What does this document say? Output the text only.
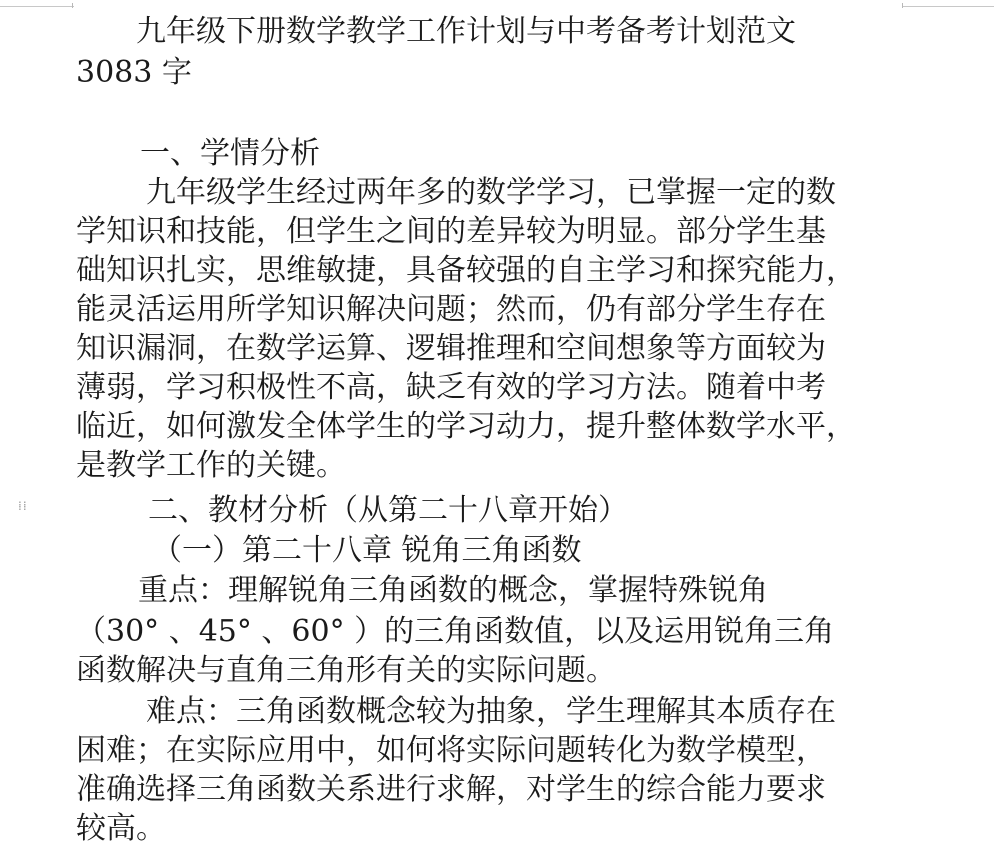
⁞⁞
九年级下册数学教学工作计划与中考备考计划范文
3083 字
一、学情分析
九年级学生经过两年多的数学学习，已掌握一定的数
学知识和技能，但学生之间的差异较为明显。部分学生基
础知识扎实，思维敏捷，具备较强的自主学习和探究能力，
能灵活运用所学知识解决问题；然而，仍有部分学生存在
知识漏洞，在数学运算、逻辑推理和空间想象等方面较为
薄弱，学习积极性不高，缺乏有效的学习方法。随着中考
临近，如何激发全体学生的学习动力，提升整体数学水平，
是教学工作的关键。
二、教材分析（从第二十八章开始）
（一）第二十八章 锐角三角函数
重点：理解锐角三角函数的概念，掌握特殊锐角
（30° 、45° 、60° ）的三角函数值，以及运用锐角三角
函数解决与直角三角形有关的实际问题。
难点：三角函数概念较为抽象，学生理解其本质存在
困难；在实际应用中，如何将实际问题转化为数学模型，
准确选择三角函数关系进行求解，对学生的综合能力要求
较高。
